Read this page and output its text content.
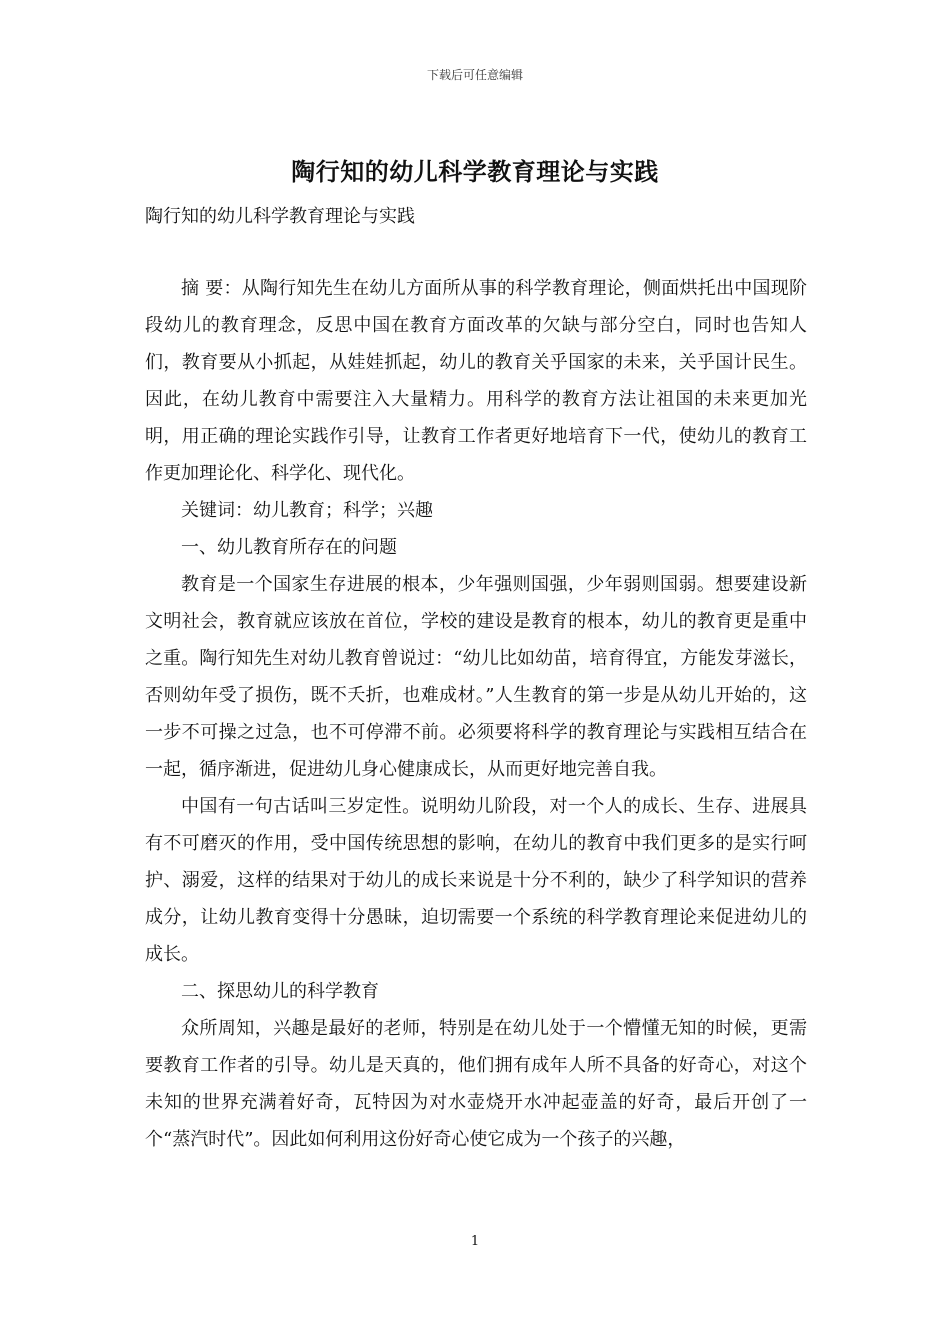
下载后可任意编辑
陶行知的幼儿科学教育理论与实践
陶行知的幼儿科学教育理论与实践

摘 要：从陶行知先生在幼儿方面所从事的科学教育理论，侧面烘托出中国现阶段幼儿的教育理念，反思中国在教育方面改革的欠缺与部分空白，同时也告知人们，教育要从小抓起，从娃娃抓起，幼儿的教育关乎国家的未来，关乎国计民生。因此，在幼儿教育中需要注入大量精力。用科学的教育方法让祖国的未来更加光明，用正确的理论实践作引导，让教育工作者更好地培育下一代，使幼儿的教育工作更加理论化、科学化、现代化。

关键词：幼儿教育；科学；兴趣

一、幼儿教育所存在的问题

教育是一个国家生存进展的根本，少年强则国强，少年弱则国弱。想要建设新文明社会，教育就应该放在首位，学校的建设是教育的根本，幼儿的教育更是重中之重。陶行知先生对幼儿教育曾说过：“幼儿比如幼苗，培育得宜，方能发芽滋长，否则幼年受了损伤，既不夭折，也难成材。”人生教育的第一步是从幼儿开始的，这一步不可操之过急，也不可停滞不前。必须要将科学的教育理论与实践相互结合在一起，循序渐进，促进幼儿身心健康成长，从而更好地完善自我。

中国有一句古话叫三岁定性。说明幼儿阶段，对一个人的成长、生存、进展具有不可磨灭的作用，受中国传统思想的影响，在幼儿的教育中我们更多的是实行呵护、溺爱，这样的结果对于幼儿的成长来说是十分不利的，缺少了科学知识的营养成分，让幼儿教育变得十分愚昧，迫切需要一个系统的科学教育理论来促进幼儿的成长。

二、探思幼儿的科学教育

众所周知，兴趣是最好的老师，特别是在幼儿处于一个懵懂无知的时候，更需要教育工作者的引导。幼儿是天真的，他们拥有成年人所不具备的好奇心，对这个未知的世界充满着好奇，瓦特因为对水壶烧开水冲起壶盖的好奇，最后开创了一个“蒸汽时代”。因此如何利用这份好奇心使它成为一个孩子的兴趣，

1
